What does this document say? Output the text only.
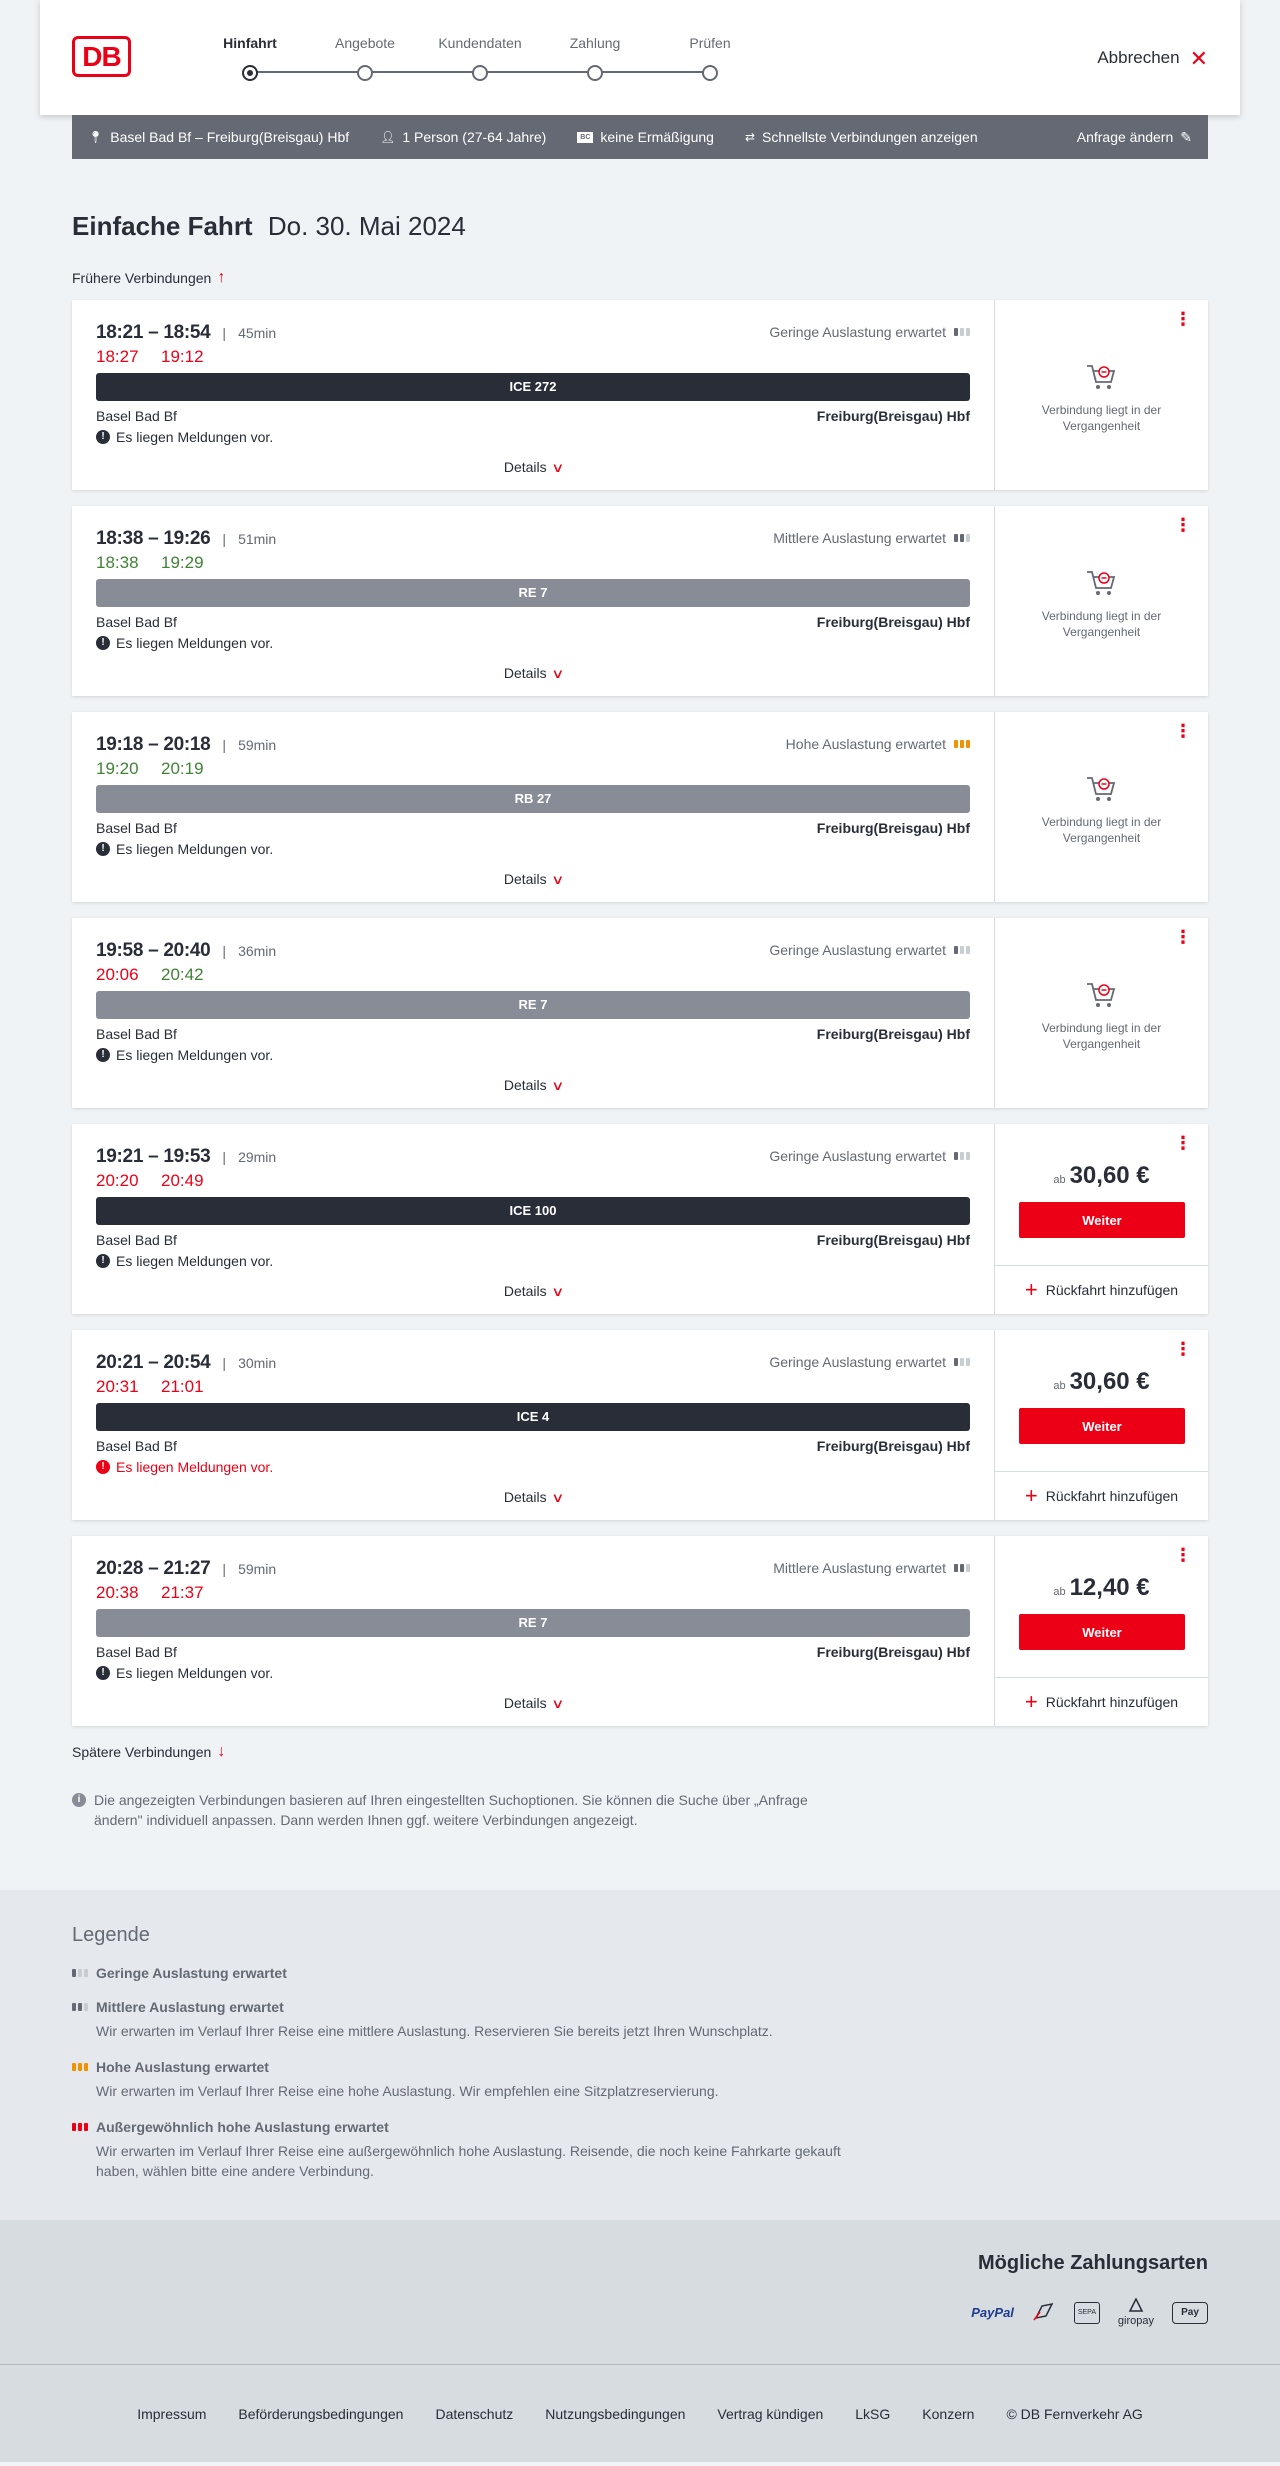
DB	Hinfahrt	Angebote	Kundendaten	Zahlung	Prüfen
Abbrechen ✕
📍︎ Basel Bad Bf – Freiburg(Breisgau) Hbf	👤︎ 1 Person (27-64 Jahre)	BC keine Ermäßigung	⇄ Schnellste Verbindungen anzeigen	Anfrage ändern ✎
Einfache Fahrt Do. 30. Mai 2024
Frühere Verbindungen ↑
18:21 – 18:54 | 45min	Geringe Auslastung erwartet
18:27 19:12
ICE 272
Basel Bad Bf	Freiburg(Breisgau) Hbf
! Es liegen Meldungen vor.
Details ∨
⋮
Verbindung liegt in der Vergangenheit
18:38 – 19:26 | 51min	Mittlere Auslastung erwartet
18:38 19:29
RE 7
Basel Bad Bf	Freiburg(Breisgau) Hbf
! Es liegen Meldungen vor.
Details ∨
⋮
Verbindung liegt in der Vergangenheit
19:18 – 20:18 | 59min	Hohe Auslastung erwartet
19:20 20:19
RB 27
Basel Bad Bf	Freiburg(Breisgau) Hbf
! Es liegen Meldungen vor.
Details ∨
⋮
Verbindung liegt in der Vergangenheit
19:58 – 20:40 | 36min	Geringe Auslastung erwartet
20:06 20:42
RE 7
Basel Bad Bf	Freiburg(Breisgau) Hbf
! Es liegen Meldungen vor.
Details ∨
⋮
Verbindung liegt in der Vergangenheit
19:21 – 19:53 | 29min	Geringe Auslastung erwartet
20:20 20:49
ICE 100
Basel Bad Bf	Freiburg(Breisgau) Hbf
! Es liegen Meldungen vor.
Details ∨
⋮
ab 30,60 €
Weiter
+ Rückfahrt hinzufügen
20:21 – 20:54 | 30min	Geringe Auslastung erwartet
20:31 21:01
ICE 4
Basel Bad Bf	Freiburg(Breisgau) Hbf
! Es liegen Meldungen vor.
Details ∨
⋮
ab 30,60 €
Weiter
+ Rückfahrt hinzufügen
20:28 – 21:27 | 59min	Mittlere Auslastung erwartet
20:38 21:37
RE 7
Basel Bad Bf	Freiburg(Breisgau) Hbf
! Es liegen Meldungen vor.
Details ∨
⋮
ab 12,40 €
Weiter
+ Rückfahrt hinzufügen
Spätere Verbindungen ↓
i Die angezeigten Verbindungen basieren auf Ihren eingestellten Suchoptionen. Sie können die Suche über „Anfrage ändern" individuell anpassen. Dann werden Ihnen ggf. weitere Verbindungen angezeigt.
Legende
Geringe Auslastung erwartet
Mittlere Auslastung erwartet
Wir erwarten im Verlauf Ihrer Reise eine mittlere Auslastung. Reservieren Sie bereits jetzt Ihren Wunschplatz.
Hohe Auslastung erwartet
Wir erwarten im Verlauf Ihrer Reise eine hohe Auslastung. Wir empfehlen eine Sitzplatzreservierung.
Außergewöhnlich hohe Auslastung erwartet
Wir erwarten im Verlauf Ihrer Reise eine außergewöhnlich hohe Auslastung. Reisende, die noch keine Fahrkarte gekauft haben, wählen bitte eine andere Verbindung.
Mögliche Zahlungsarten
PayPal	SEPA

giropay
Pay
Impressum Beförderungsbedingungen Datenschutz Nutzungsbedingungen Vertrag kündigen LkSG Konzern © DB Fernverkehr AG
